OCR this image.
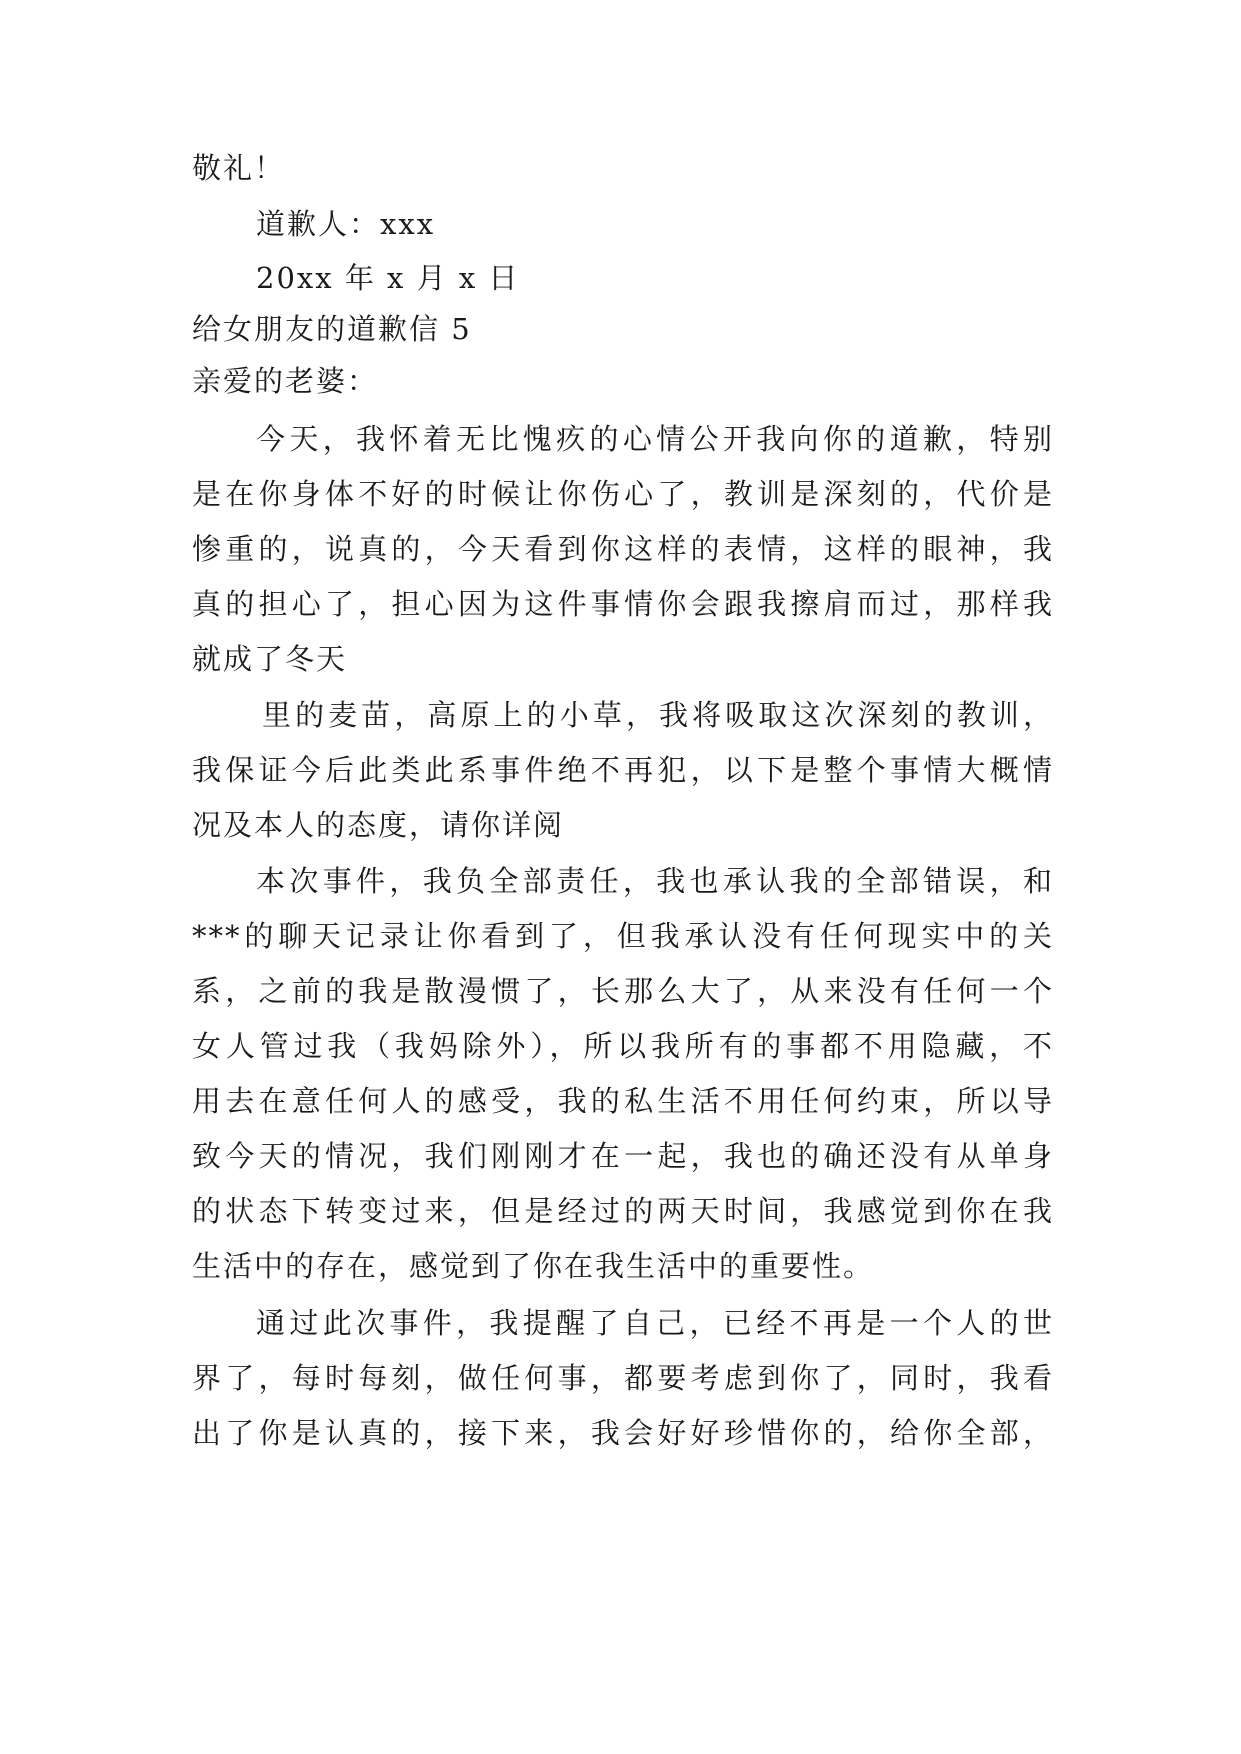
敬礼！
道歉人：xxx
20xx 年 x 月 x 日
给女朋友的道歉信 5
亲爱的老婆：
今天，我怀着无比愧疚的心情公开我向你的道歉，特别
是在你身体不好的时候让你伤心了，教训是深刻的，代价是
惨重的，说真的，今天看到你这样的表情，这样的眼神，我
真的担心了，担心因为这件事情你会跟我擦肩而过，那样我
就成了冬天
里的麦苗，高原上的小草，我将吸取这次深刻的教训，
我保证今后此类此系事件绝不再犯，以下是整个事情大概情
况及本人的态度，请你详阅
本次事件，我负全部责任，我也承认我的全部错误，和
***的聊天记录让你看到了，但我承认没有任何现实中的关
系，之前的我是散漫惯了，长那么大了，从来没有任何一个
女人管过我（我妈除外），所以我所有的事都不用隐藏，不
用去在意任何人的感受，我的私生活不用任何约束，所以导
致今天的情况，我们刚刚才在一起，我也的确还没有从单身
的状态下转变过来，但是经过的两天时间，我感觉到你在我
生活中的存在，感觉到了你在我生活中的重要性。
通过此次事件，我提醒了自己，已经不再是一个人的世
界了，每时每刻，做任何事，都要考虑到你了，同时，我看
出了你是认真的，接下来，我会好好珍惜你的，给你全部，
